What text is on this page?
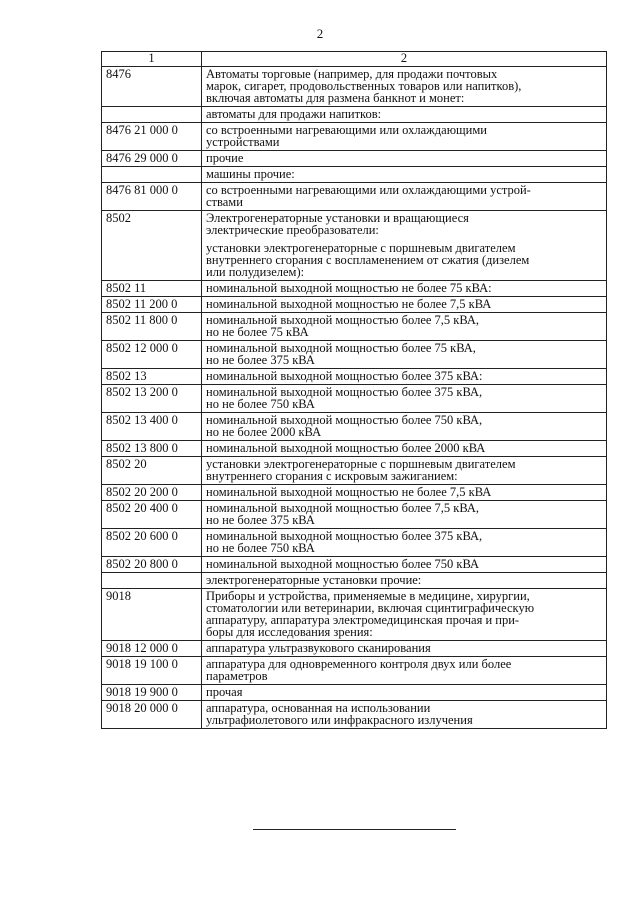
2
1	2
8476	Автоматы торговые (например, для продажи почтовых
марок, сигарет, продовольственных товаров или напитков),
включая автоматы для размена банкнот и монет:

	автоматы для продажи напитков:

8476 21 000 0	со встроенными нагревающими или охлаждающими
устройствами

8476 29 000 0	прочие

	машины прочие:

8476 81 000 0	со встроенными нагревающими или охлаждающими устрой-
ствами

8502	Электрогенераторные установки и вращающиеся
электрические преобразователи:
установки электрогенераторные с поршневым двигателем
внутреннего сгорания с воспламенением от сжатия (дизелем
или полудизелем):

8502 11	номинальной выходной мощностью не более 75 кВА:

8502 11 200 0	номинальной выходной мощностью не более 7,5 кВА

8502 11 800 0	номинальной выходной мощностью более 7,5 кВА,
но не более 75 кВА

8502 12 000 0	номинальной выходной мощностью более 75 кВА,
но не более 375 кВА

8502 13	номинальной выходной мощностью более 375 кВА:

8502 13 200 0	номинальной выходной мощностью более 375 кВА,
но не более 750 кВА

8502 13 400 0	номинальной выходной мощностью более 750 кВА,
но не более 2000 кВА

8502 13 800 0	номинальной выходной мощностью более 2000 кВА

8502 20	установки электрогенераторные с поршневым двигателем
внутреннего сгорания с искровым зажиганием:

8502 20 200 0	номинальной выходной мощностью не более 7,5 кВА

8502 20 400 0	номинальной выходной мощностью более 7,5 кВА,
но не более 375 кВА

8502 20 600 0	номинальной выходной мощностью более 375 кВА,
но не более 750 кВА

8502 20 800 0	номинальной выходной мощностью более 750 кВА

	электрогенераторные установки прочие:

9018	Приборы и устройства, применяемые в медицине, хирургии,
стоматологии или ветеринарии, включая сцинтиграфическую
аппаратуру, аппаратура электромедицинская прочая и при-
боры для исследования зрения:

9018 12 000 0	аппаратура ультразвукового сканирования

9018 19 100 0	аппаратура для одновременного контроля двух или более
параметров

9018 19 900 0	прочая

9018 20 000 0	аппаратура, основанная на использовании
ультрафиолетового или инфракрасного излучения
